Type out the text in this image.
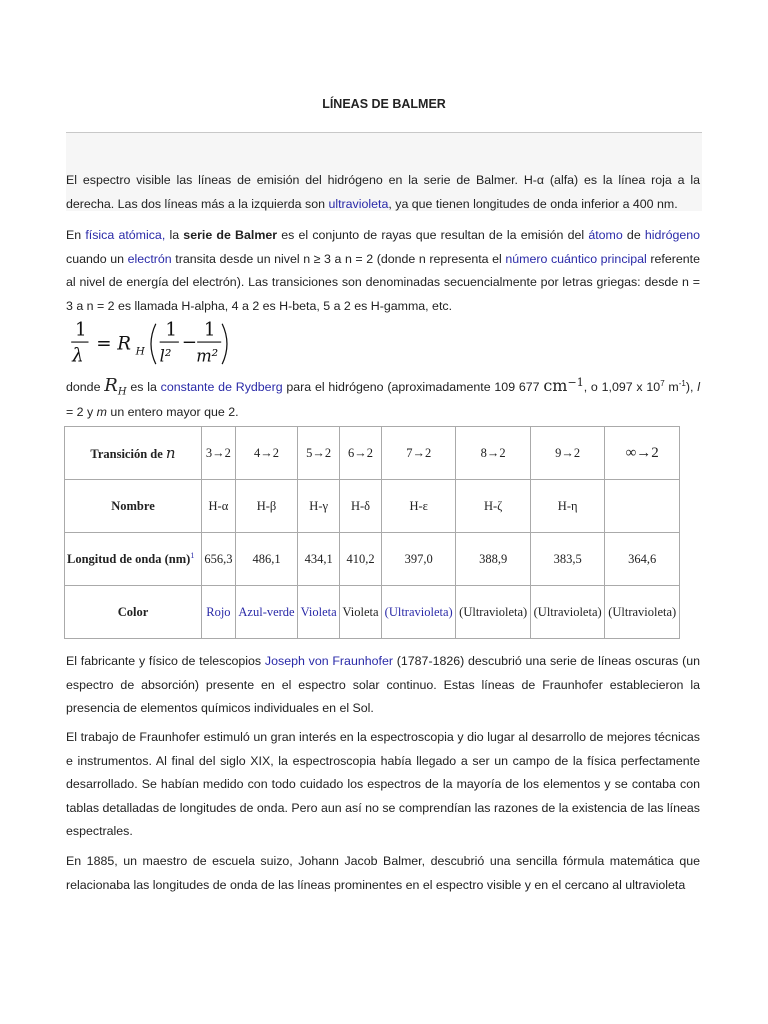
LÍNEAS DE BALMER

El espectro visible las líneas de emisión del hidrógeno en la serie de Balmer. H-α (alfa) es la línea roja a la derecha. Las dos líneas más a la izquierda son ultravioleta, ya que tienen longitudes de onda inferior a 400 nm.

En física atómica, la serie de Balmer es el conjunto de rayas que resultan de la emisión del átomo de hidrógeno cuando un electrón transita desde un nivel n ≥ 3 a n = 2 (donde n representa el número cuántico principal referente al nivel de energía del electrón). Las transiciones son denominadas secuencialmente por letras griegas: desde n = 3 a n = 2 es llamada H-alpha, 4 a 2 es H-beta, 5 a 2 es H-gamma, etc.

1
λ
= R H
1
l²
−
1
m²

donde $R_H$ es la constante de Rydberg para el hidrógeno (aproximadamente 109 677 $cm^{-1}$, o 1,097 x $10^7$ $m^{-1}$), l = 2 y m un entero mayor que 2.

Transición de n	3→2	4→2	5→2	6→2	7→2	8→2	9→2	∞→2
Nombre	H-α	H-β	H-γ	H-δ	H-ε	H-ζ	H-η	
Longitud de onda (nm)$^1$	656,3	486,1	434,1	410,2	397,0	388,9	383,5	364,6
Color	Rojo	Azul-verde	Violeta	Violeta	(Ultravioleta)	(Ultravioleta)	(Ultravioleta)	(Ultravioleta)

El fabricante y físico de telescopios Joseph von Fraunhofer (1787-1826) descubrió una serie de líneas oscuras (un espectro de absorción) presente en el espectro solar continuo. Estas líneas de Fraunhofer establecieron la presencia de elementos químicos individuales en el Sol.

El trabajo de Fraunhofer estimuló un gran interés en la espectroscopia y dio lugar al desarrollo de mejores técnicas e instrumentos. Al final del siglo XIX, la espectroscopia había llegado a ser un campo de la física perfectamente desarrollado. Se habían medido con todo cuidado los espectros de la mayoría de los elementos y se contaba con tablas detalladas de longitudes de onda. Pero aun así no se comprendían las razones de la existencia de las líneas espectrales.

En 1885, un maestro de escuela suizo, Johann Jacob Balmer, descubrió una sencilla fórmula matemática que relacionaba las longitudes de onda de las líneas prominentes en el espectro visible y en el cercano al ultravioleta
